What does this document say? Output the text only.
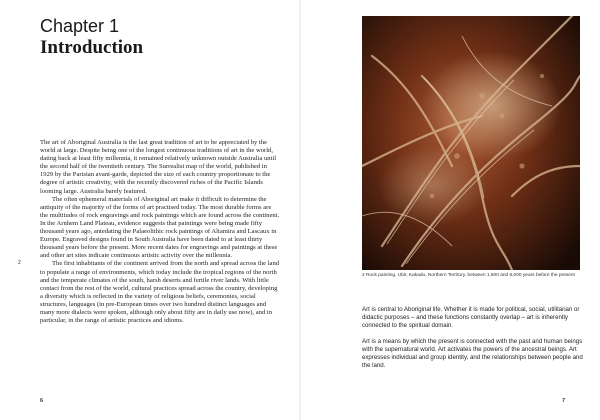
Chapter 1
Introduction

The art of Aboriginal Australia is the last great tradition of art to be appreciated by the world at large. Despite being one of the longest continuous traditions of art in the world, dating back at least fifty millennia, it remained relatively unknown outside Australia until the second half of the twentieth century. The Surrealist map of the world, published in 1929 by the Parisian avant-garde, depicted the size of each country proportionate to the degree of artistic creativity, with the recently discovered riches of the Pacific Islands looming large. Australia barely featured.

The often ephemeral materials of Aboriginal art make it difficult to determine the antiquity of the majority of the forms of art practised today. The most durable forms are the multitudes of rock engravings and rock paintings which are found across the continent. In the Arnhem Land Plateau, evidence suggests that paintings were being made fifty thousand years ago, antedating the Palaeolithic rock paintings of Altamira and Lascaux in Europe. Engraved designs found in South Australia have been dated to at least thirty thousand years before the present. More recent dates for engravings and paintings at these and other art sites indicate continuous artistic activity over the millennia.

The first inhabitants of the continent arrived from the north and spread across the land to populate a range of environments, which today include the tropical regions of the north and the temperate climates of the south, harsh deserts and fertile river lands. With little contact from the rest of the world, cultural practices spread across the country, developing a diversity which is reflected in the variety of religious beliefs, ceremonies, social structures, languages (in pre-European times over two hundred distinct languages and many more dialects were spoken, although only about fifty are in daily use now), and in particular, in the range of artistic practices and idioms.

2
6
2 Rock painting, Ubir, Kakadu, Northern Territory, between 1,500 and 6,000 years before the present

Art is central to Aboriginal life. Whether it is made for political, social, utilitarian or didactic purposes – and these functions constantly overlap – art is inherently connected to the spiritual domain.

Art is a means by which the present is connected with the past and human beings with the supernatural world. Art activates the powers of the ancestral beings. Art expresses individual and group identity, and the relationships between people and the land.

7
